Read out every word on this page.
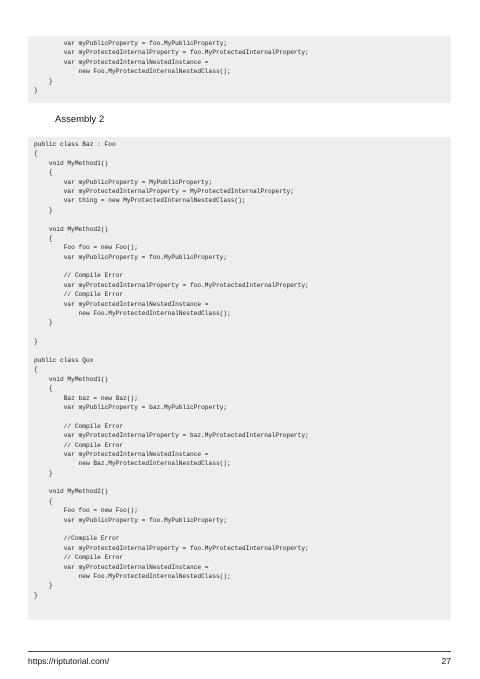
var myPublicProperty = foo.MyPublicProperty;
var myProtectedInternalProperty = foo.MyProtectedInternalProperty;
var myProtectedInternalNestedInstance =
new Foo.MyProtectedInternalNestedClass();
}
}
Assembly 2
public class Baz : Foo
{
void MyMethod1()
{
var myPublicProperty = MyPublicProperty;
var myProtectedInternalProperty = MyProtectedInternalProperty;
var thing = new MyProtectedInternalNestedClass();
}

void MyMethod2()
{
Foo foo = new Foo();
var myPublicProperty = foo.MyPublicProperty;

// Compile Error
var myProtectedInternalProperty = foo.MyProtectedInternalProperty;
// Compile Error
var myProtectedInternalNestedInstance =
new Foo.MyProtectedInternalNestedClass();
}

}

public class Qux
{
void MyMethod1()
{
Baz baz = new Baz();
var myPublicProperty = baz.MyPublicProperty;

// Compile Error
var myProtectedInternalProperty = baz.MyProtectedInternalProperty;
// Compile Error
var myProtectedInternalNestedInstance =
new Baz.MyProtectedInternalNestedClass();
}

void MyMethod2()
{
Foo foo = new Foo();
var myPublicProperty = foo.MyPublicProperty;

//Compile Error
var myProtectedInternalProperty = foo.MyProtectedInternalProperty;
// Compile Error
var myProtectedInternalNestedInstance =
new Foo.MyProtectedInternalNestedClass();
}
}
https://riptutorial.com/	27
